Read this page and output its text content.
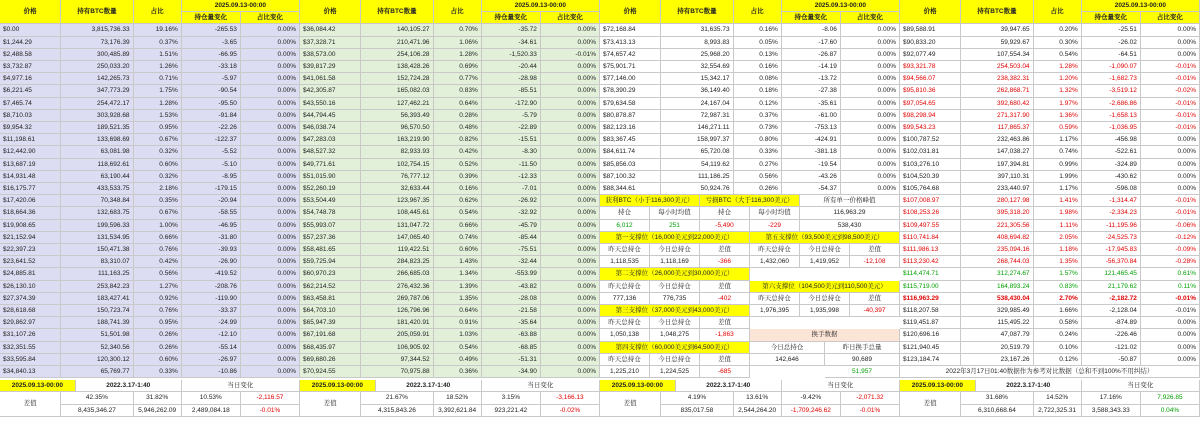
价格	持有BTC数量	占比
2025.09.13-00:00
持仓量变化	占比变化
$0.00	3,815,736.33	19.16%	-265.53	0.00%
$1,244.29	73,176.39	0.37%	-3.65	0.00%
$2,488.58	300,485.89	1.51%	-66.95	0.00%
$3,732.87	250,033.20	1.26%	-33.18	0.00%
$4,977.16	142,265.73	0.71%	-5.97	0.00%
$6,221.45	347,773.29	1.75%	-90.54	0.00%
$7,465.74	254,472.17	1.28%	-95.50	0.00%
$8,710.03	303,928.68	1.53%	-91.84	0.00%
$9,954.32	189,521.35	0.95%	-22.26	0.00%
$11,198.61	133,698.69	0.67%	-122.37	0.00%
$12,442.90	63,081.98	0.32%	-5.52	0.00%
$13,687.19	118,692.61	0.60%	-5.10	0.00%
$14,931.48	63,190.44	0.32%	-8.95	0.00%
$16,175.77	433,533.75	2.18%	-179.15	0.00%
$17,420.06	70,348.84	0.35%	-20.94	0.00%
$18,664.36	132,683.75	0.67%	-58.55	0.00%
$19,908.65	199,596.33	1.00%	-46.95	0.00%
$21,152.94	131,534.95	0.66%	-31.80	0.00%
$22,397.23	150,471.38	0.76%	-39.93	0.00%
$23,641.52	83,310.07	0.42%	-26.90	0.00%
$24,885.81	111,163.25	0.56%	-419.52	0.00%
$26,130.10	253,842.23	1.27%	-208.76	0.00%
$27,374.39	183,427.41	0.92%	-119.90	0.00%
$28,618.68	150,723.74	0.76%	-33.37	0.00%
$29,862.97	188,741.39	0.95%	-24.99	0.00%
$31,107.26	51,501.98	0.26%	-12.10	0.00%
$32,351.55	52,340.56	0.26%	-55.14	0.00%
$33,595.84	120,300.12	0.60%	-26.97	0.00%
$34,840.13	65,769.77	0.33%	-10.86	0.00%
2025.09.13-00:00	2022.3.17-1:40	当日变化
差值
42.35%	31.82%	10.53%	-2,116.57
8,435,346.27	5,946,262.09	2,489,084.18	-0.01%
价格	持有BTC数量	占比
2025.09.13-00:00
持仓量变化	占比变化
$36,084.42	140,105.27	0.70%	-35.72	0.00%
$37,328.71	210,471.96	1.06%	-34.61	0.00%
$38,573.00	254,106.28	1.28%	-1,520.33	-0.01%
$39,817.29	138,428.26	0.69%	-20.44	0.00%
$41,061.58	152,724.28	0.77%	-28.98	0.00%
$42,305.87	165,082.03	0.83%	-85.51	0.00%
$43,550.16	127,462.21	0.64%	-172.90	0.00%
$44,794.45	56,393.49	0.28%	-5.79	0.00%
$46,038.74	96,570.50	0.48%	-22.89	0.00%
$47,283.03	163,219.90	0.82%	-15.51	0.00%
$48,527.32	82,933.93	0.42%	-8.30	0.00%
$49,771.61	102,754.15	0.52%	-11.50	0.00%
$51,015.90	76,777.12	0.39%	-12.33	0.00%
$52,260.19	32,633.44	0.16%	-7.01	0.00%
$53,504.49	123,967.35	0.62%	-26.92	0.00%
$54,748.78	108,445.61	0.54%	-32.92	0.00%
$55,993.07	131,047.72	0.66%	-45.79	0.00%
$57,237.36	147,065.40	0.74%	-85.44	0.00%
$58,481.65	119,422.51	0.60%	-75.51	0.00%
$59,725.94	284,823.25	1.43%	-32.44	0.00%
$60,970.23	266,685.03	1.34%	-553.99	0.00%
$62,214.52	276,432.36	1.39%	-43.82	0.00%
$63,458.81	269,787.06	1.35%	-28.08	0.00%
$64,703.10	126,796.96	0.64%	-21.58	0.00%
$65,947.39	181,420.91	0.91%	-35.64	0.00%
$67,191.68	205,059.91	1.03%	-63.88	0.00%
$68,435.97	106,905.92	0.54%	-68.85	0.00%
$69,680.26	97,344.52	0.49%	-51.31	0.00%
$70,924.55	70,975.88	0.36%	-34.90	0.00%
2025.09.13-00:00	2022.3.17-1:40	当日变化
差值
21.67%	18.52%	3.15%	-3,166.13
4,315,843.26	3,392,621.84	923,221.42	-0.02%
价格	持有BTC数量	占比
2025.09.13-00:00
持仓量变化	占比变化
$72,168.84	31,635.73	0.16%	-8.06	0.00%
$73,413.13	8,993.83	0.05%	-17.60	0.00%
$74,657.42	25,968.20	0.13%	-26.87	0.00%
$75,901.71	32,554.69	0.16%	-14.19	0.00%
$77,146.00	15,342.17	0.08%	-13.72	0.00%
$78,390.29	36,149.40	0.18%	-27.38	0.00%
$79,634.58	24,167.04	0.12%	-35.61	0.00%
$80,878.87	72,987.31	0.37%	-61.00	0.00%
$82,123.16	146,271.11	0.73%	-753.13	0.00%
$83,367.45	158,997.37	0.80%	-424.91	0.00%
$84,611.74	65,720.08	0.33%	-381.18	0.00%
$85,856.03	54,119.62	0.27%	-19.54	0.00%
$87,100.32	111,186.25	0.56%	-43.26	0.00%
$88,344.61	50,924.76	0.26%	-54.37	0.00%
2025.09.13-00:00	2022.3.17-1:40	当日变化
差值
4.19%	13.61%	-9.42%	-2,071.32
835,017.58	2,544,264.20	-1,709,246.62	-0.01%
价格	持有BTC数量	占比
2025.09.13-00:00
持仓量变化	占比变化
$89,588.91	39,947.65	0.20%	-25.51	0.00%
$90,833.20	59,929.67	0.30%	-26.02	0.00%
$92,077.49	107,554.34	0.54%	-64.51	0.00%
$93,321.78	254,503.04	1.28%	-1,090.07	-0.01%
$94,566.07	238,382.31	1.20%	-1,682.73	-0.01%
$95,810.36	262,868.71	1.32%	-3,519.12	-0.02%
$97,054.65	392,680.42	1.97%	-2,686.86	-0.01%
$98,298.94	271,317.90	1.36%	-1,658.13	-0.01%
$99,543.23	117,865.37	0.59%	-1,036.95	-0.01%
$100,787.52	232,463.86	1.17%	-456.98	0.00%
$102,031.81	147,038.27	0.74%	-522.61	0.00%
$103,276.10	197,394.81	0.99%	-324.89	0.00%
$104,520.39	397,110.31	1.99%	-430.62	0.00%
$105,764.68	233,440.97	1.17%	-596.08	0.00%
$107,008.97	280,127.98	1.41%	-1,314.47	-0.01%
$108,253.26	395,318.20	1.98%	-2,334.23	-0.01%
$109,497.55	221,305.56	1.11%	-11,195.96	-0.06%
$110,741.84	408,694.82	2.05%	-24,525.73	-0.12%
$111,986.13	235,094.16	1.18%	-17,945.83	-0.09%
$113,230.42	268,744.03	1.35%	-56,370.84	-0.28%
$114,474.71	312,274.67	1.57%	121,465.45	0.61%
$115,719.00	164,893.24	0.83%	21,179.62	0.11%
$116,963.29	538,430.04	2.70%	-2,182.72	-0.01%
$118,207.58	329,985.49	1.66%	-2,128.04	-0.01%
$119,451.87	115,495.22	0.58%	-874.89	0.00%
$120,696.16	47,087.79	0.24%	-226.46	0.00%
$121,940.45	20,519.79	0.10%	-121.02	0.00%
$123,184.74	23,167.26	0.12%	-50.87	0.00%
2025.09.13-00:00	2022.3.17-1:40	当日变化
差值
31.68%	14.52%	17.16%	7,926.85
6,310,668.64	2,722,325.31	3,588,343.33	0.04%
获利BTC（小于116,300美元）	亏损BTC（大于116,300美元）	所有单一价格峰值
持仓	每小时均值	持仓	每小时均值	116,963.29
6,012	251	-5,490	-229	538,430
第一支撑位（16,000美元到22,000美元）
昨天总持仓	今日总持仓	差值
1,118,535	1,118,169	-366
第五支撑位（93,500美元到98,500美元）
昨天总持仓	今日总持仓	差值
1,432,060	1,419,952	-12,108
第二支撑位（26,000美元到30,000美元）
昨天总持仓	今日总持仓	差值
777,136	776,735	-402
第三支撑位（37,000美元到43,000美元）
昨天总持仓	今日总持仓	差值
1,050,138	1,048,275	-1,863
第六支撑位（104,500美元到110,500美元）
昨天总持仓	今日总持仓	差值
1,976,395	1,935,998	-40,397
第四支撑位（60,000美元到64,500美元）
昨天总持仓	今日总持仓	差值
1,225,210	1,224,525	-685
换手数据
今日总持仓	昨日换手总量
142,646	90,689
51,957	2022年3月17日01:40数据作为参考对比数据（总和不到100%不用纠结）
